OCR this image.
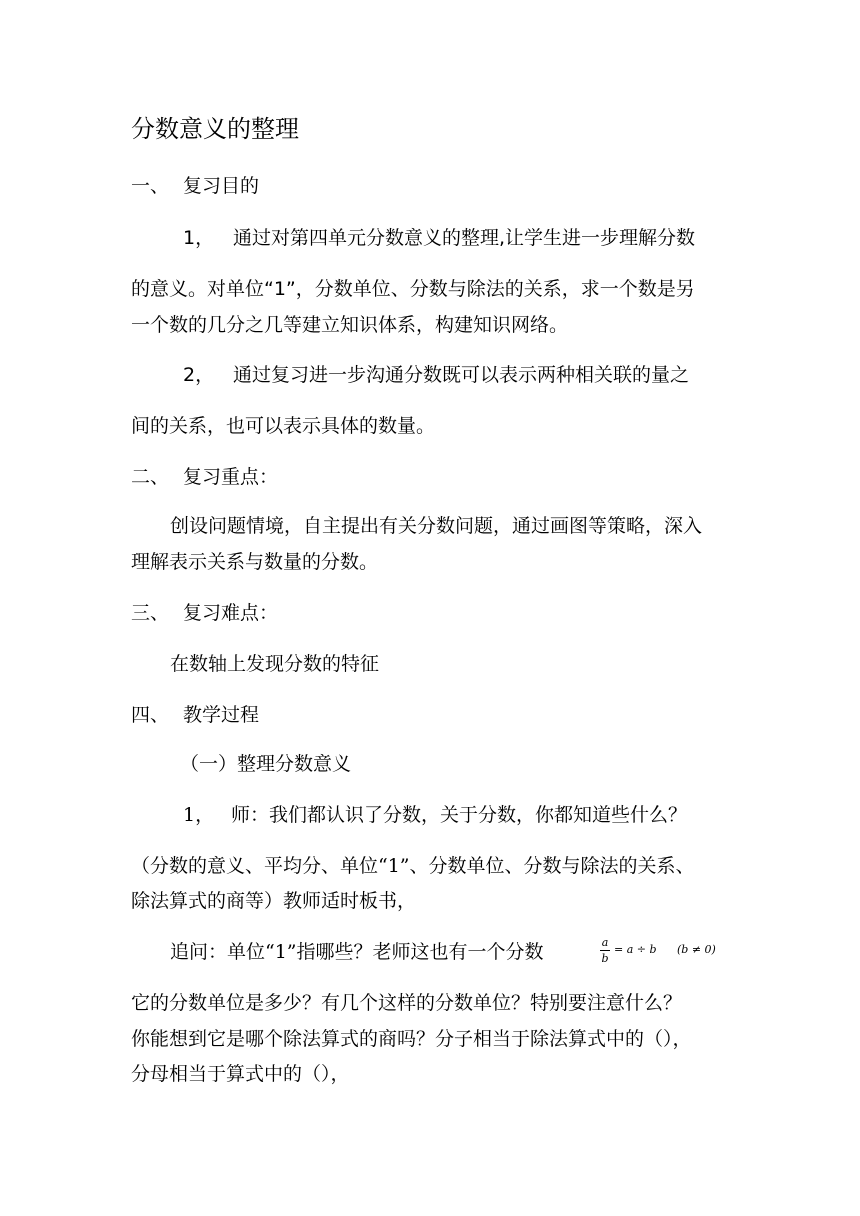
分数意义的整理
一、 复习目的
1， 通过对第四单元分数意义的整理,让学生进一步理解分数
的意义。对单位“1”，分数单位、分数与除法的关系，求一个数是另
一个数的几分之几等建立知识体系，构建知识网络。
2， 通过复习进一步沟通分数既可以表示两种相关联的量之
间的关系，也可以表示具体的数量。
二、 复习重点：
创设问题情境，自主提出有关分数问题，通过画图等策略，深入
理解表示关系与数量的分数。
三、 复习难点：
在数轴上发现分数的特征
四、 教学过程
（一）整理分数意义
1， 师：我们都认识了分数，关于分数，你都知道些什么？
（分数的意义、平均分、单位“1”、分数单位、分数与除法的关系、
除法算式的商等）教师适时板书，
追问：单位“1”指哪些？老师这也有一个分数	a
b
= a ÷ b (b ≠ 0)
它的分数单位是多少？有几个这样的分数单位？特别要注意什么？
你能想到它是哪个除法算式的商吗？分子相当于除法算式中的（），
分母相当于算式中的（），
